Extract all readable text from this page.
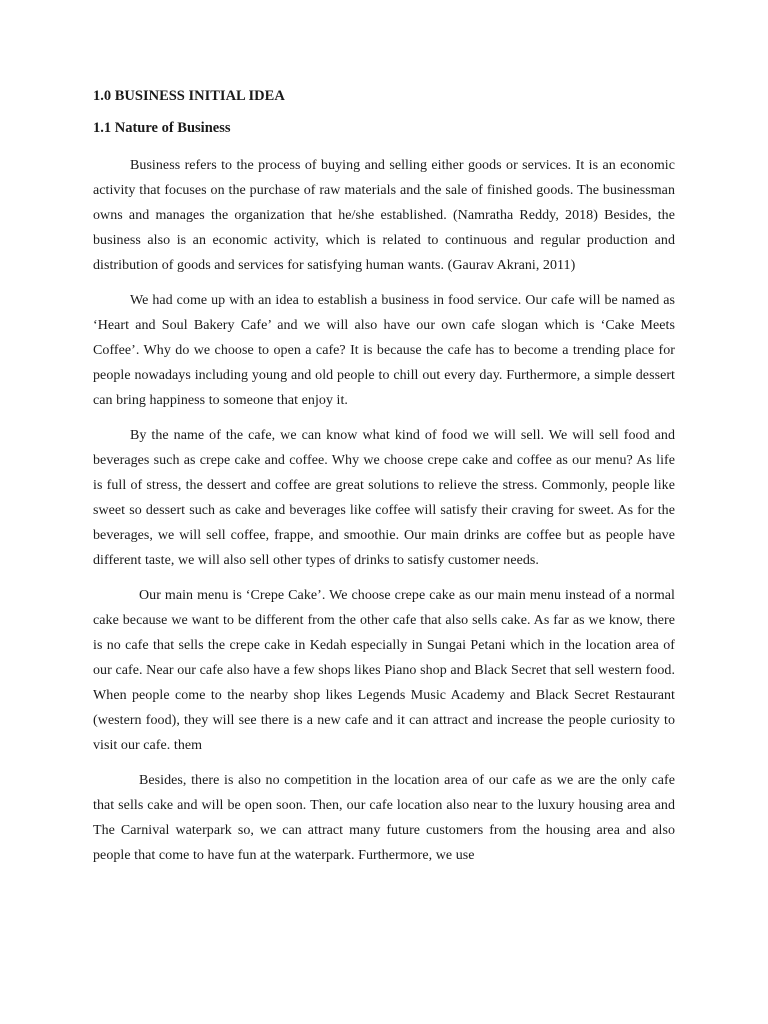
1.0 BUSINESS INITIAL IDEA
1.1 Nature of Business

Business refers to the process of buying and selling either goods or services. It is an economic activity that focuses on the purchase of raw materials and the sale of finished goods. The businessman owns and manages the organization that he/she established. (Namratha Reddy, 2018) Besides, the business also is an economic activity, which is related to continuous and regular production and distribution of goods and services for satisfying human wants. (Gaurav Akrani, 2011)

We had come up with an idea to establish a business in food service. Our cafe will be named as ‘Heart and Soul Bakery Cafe’ and we will also have our own cafe slogan which is ‘Cake Meets Coffee’. Why do we choose to open a cafe? It is because the cafe has to become a trending place for people nowadays including young and old people to chill out every day. Furthermore, a simple dessert can bring happiness to someone that enjoy it.

By the name of the cafe, we can know what kind of food we will sell. We will sell food and beverages such as crepe cake and coffee. Why we choose crepe cake and coffee as our menu? As life is full of stress, the dessert and coffee are great solutions to relieve the stress. Commonly, people like sweet so dessert such as cake and beverages like coffee will satisfy their craving for sweet. As for the beverages, we will sell coffee, frappe, and smoothie. Our main drinks are coffee but as people have different taste, we will also sell other types of drinks to satisfy customer needs.

Our main menu is ‘Crepe Cake’. We choose crepe cake as our main menu instead of a normal cake because we want to be different from the other cafe that also sells cake. As far as we know, there is no cafe that sells the crepe cake in Kedah especially in Sungai Petani which in the location area of our cafe. Near our cafe also have a few shops likes Piano shop and Black Secret that sell western food. When people come to the nearby shop likes Legends Music Academy and Black Secret Restaurant (western food), they will see there is a new cafe and it can attract and increase the people curiosity to visit our cafe. them

Besides, there is also no competition in the location area of our cafe as we are the only cafe that sells cake and will be open soon. Then, our cafe location also near to the luxury housing area and The Carnival waterpark so, we can attract many future customers from the housing area and also people that come to have fun at the waterpark. Furthermore, we use
